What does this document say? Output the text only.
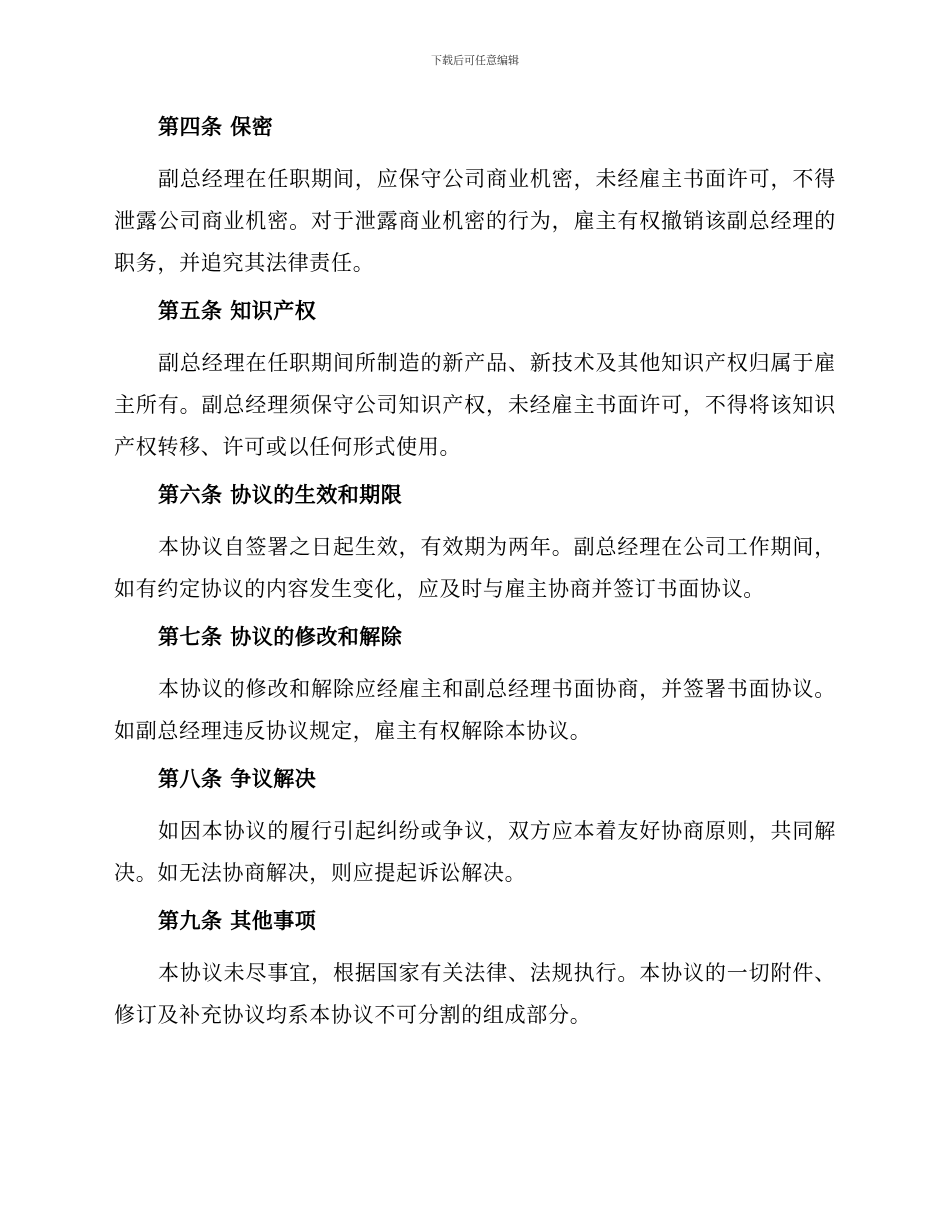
下载后可任意编辑
第四条 保密

副总经理在任职期间，应保守公司商业机密，未经雇主书面许可，不得泄露公司商业机密。对于泄露商业机密的行为，雇主有权撤销该副总经理的职务，并追究其法律责任。

第五条 知识产权

副总经理在任职期间所制造的新产品、新技术及其他知识产权归属于雇主所有。副总经理须保守公司知识产权，未经雇主书面许可，不得将该知识产权转移、许可或以任何形式使用。

第六条 协议的生效和期限

本协议自签署之日起生效，有效期为两年。副总经理在公司工作期间，如有约定协议的内容发生变化，应及时与雇主协商并签订书面协议。

第七条 协议的修改和解除

本协议的修改和解除应经雇主和副总经理书面协商，并签署书面协议。如副总经理违反协议规定，雇主有权解除本协议。

第八条 争议解决

如因本协议的履行引起纠纷或争议，双方应本着友好协商原则，共同解决。如无法协商解决，则应提起诉讼解决。

第九条 其他事项

本协议未尽事宜，根据国家有关法律、法规执行。本协议的一切附件、修订及补充协议均系本协议不可分割的组成部分。
